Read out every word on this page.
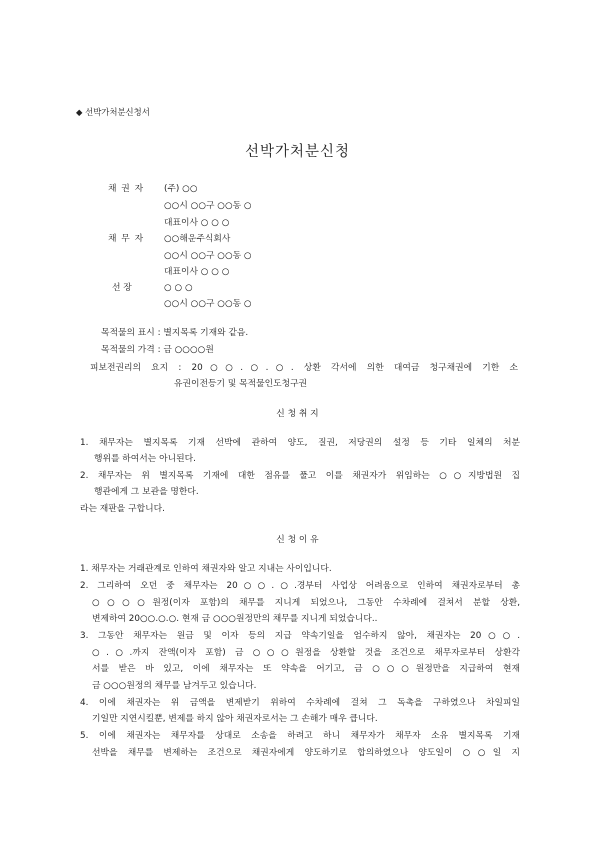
◆ 선박가처분신청서
선박가처분신청
채 권 자 (주) ○○
○○시 ○○구 ○○동 ○
대표이사 ○ ○ ○
채 무 자 ○○해운주식회사
○○시 ○○구 ○○동 ○
대표이사 ○ ○ ○
선 장	○ ○ ○
○○시 ○○구 ○○동 ○
목적물의 표시 : 별지목록 기재와 같음.
목적물의 가격 : 금 ○○○○원
피보전권리의 요지 : 20○○.○.○. 상환 각서에 의한 대여금 청구채권에 기한 소
유권이전등기 및 목적물인도청구권
신 청 취 지
1. 채무자는 별지목록 기재 선박에 관하여 양도, 질권, 저당권의 설정 등 기타 일체의 처분
행위를 하여서는 아니된다.
2. 채무자는 위 별지목록 기재에 대한 점유를 풀고 이를 채권자가 위임하는 ○○지방법원 집
행관에게 그 보관을 명한다.
라는 재판을 구합니다.
신 청 이 유
1. 채무자는 거래관계로 인하여 채권자와 알고 지내는 사이입니다.
2. 그리하여 오던 중 채무자는 20○○.○.경부터 사업상 어려움으로 인하여 채권자로부터 총
○○○○원정(이자 포함)의 채무를 지니게 되었으나, 그동안 수차례에 걸쳐서 분할 상환,
변제하여 20○○.○.○. 현재 금 ○○○원정만의 채무를 지니게 되었습니다..
3. 그동안 채무자는 원금 및 이자 등의 지급 약속기일을 엄수하지 않아, 채권자는 20○○.
○.○.까지 잔액(이자 포함) 금 ○○○원정을 상환할 것을 조건으로 채무자로부터 상환각
서를 받은 바 있고, 이에 채무자는 또 약속을 어기고, 금 ○○○원정만을 지급하여 현재
금 ○○○원정의 채무를 남겨두고 있습니다.
4. 이에 채권자는 위 금액을 변제받기 위하여 수차례에 걸쳐 그 독촉을 구하였으나 차일피일
기일만 지연시킬뿐, 변제를 하지 않아 채권자로서는 그 손해가 매우 큽니다.
5. 이에 채권자는 채무자를 상대로 소송을 하려고 하니 채무자가 채무자 소유 별지목록 기재
선박을 채무를 변제하는 조건으로 채권자에게 양도하기로 합의하였으나 양도일이 ○○일 지
